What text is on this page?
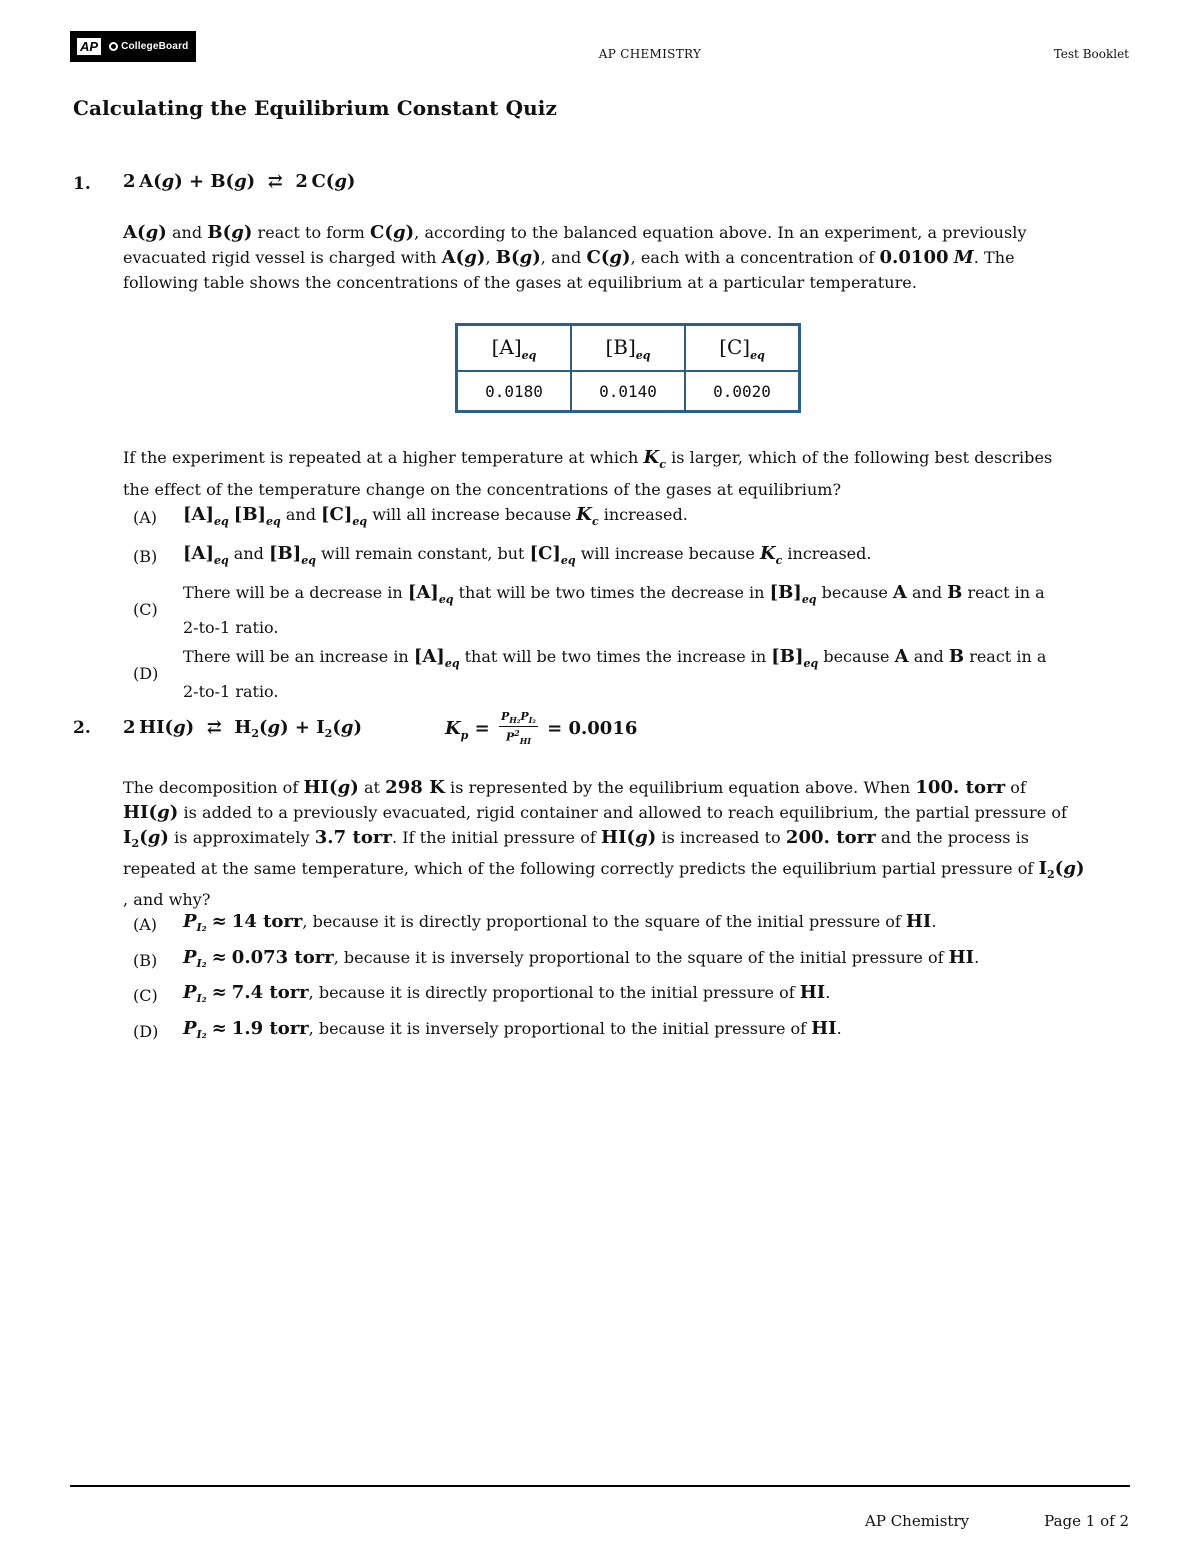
AP	CollegeBoard
AP CHEMISTRY	Test Booklet
Calculating the Equilibrium Constant Quiz
1. 2 A(g) + B(g)  ⇄  2 C(g)
A(g) and B(g) react to form C(g), according to the balanced equation above. In an experiment, a previously
evacuated rigid vessel is charged with A(g), B(g), and C(g), each with a concentration of 0.0100 M. The
following table shows the concentrations of the gases at equilibrium at a particular temperature.
$[A]_{eq}$	$[B]_{eq}$	$[C]_{eq}$
0.0180	0.0140	0.0020
If the experiment is repeated at a higher temperature at which $K_c$ is larger, which of the following best describes
the effect of the temperature change on the concentrations of the gases at equilibrium?
(A) $[A]_{eq}$ $[B]_{eq}$ and $[C]_{eq}$ will all increase because $K_c$ increased.
(B) $[A]_{eq}$ and $[B]_{eq}$ will remain constant, but $[C]_{eq}$ will increase because $K_c$ increased.
(C)
There will be a decrease in $[A]_{eq}$ that will be two times the decrease in $[B]_{eq}$ because A and B react in a
2-to-1 ratio.
(D)
There will be an increase in $[A]_{eq}$ that will be two times the increase in $[B]_{eq}$ because A and B react in a
2-to-1 ratio.
2. 2 HI(g)  ⇄  $H_2(g) + I_2(g)$	$K_p = \frac{P_{H_2}P_{I_2}}{P^2_{HI}} = 0.0016$
The decomposition of HI(g) at 298 K is represented by the equilibrium equation above. When 100. torr of
HI(g) is added to a previously evacuated, rigid container and allowed to reach equilibrium, the partial pressure of
$I_2(g)$ is approximately 3.7 torr. If the initial pressure of HI(g) is increased to 200. torr and the process is
repeated at the same temperature, which of the following correctly predicts the equilibrium partial pressure of $I_2(g)$
, and why?
(A) $P_{I_2} \approx 14$ torr, because it is directly proportional to the square of the initial pressure of HI.
(B) $P_{I_2} \approx 0.073$ torr, because it is inversely proportional to the square of the initial pressure of HI.
(C) $P_{I_2} \approx 7.4$ torr, because it is directly proportional to the initial pressure of HI.
(D) $P_{I_2} \approx 1.9$ torr, because it is inversely proportional to the initial pressure of HI.
AP Chemistry	Page 1 of 2
